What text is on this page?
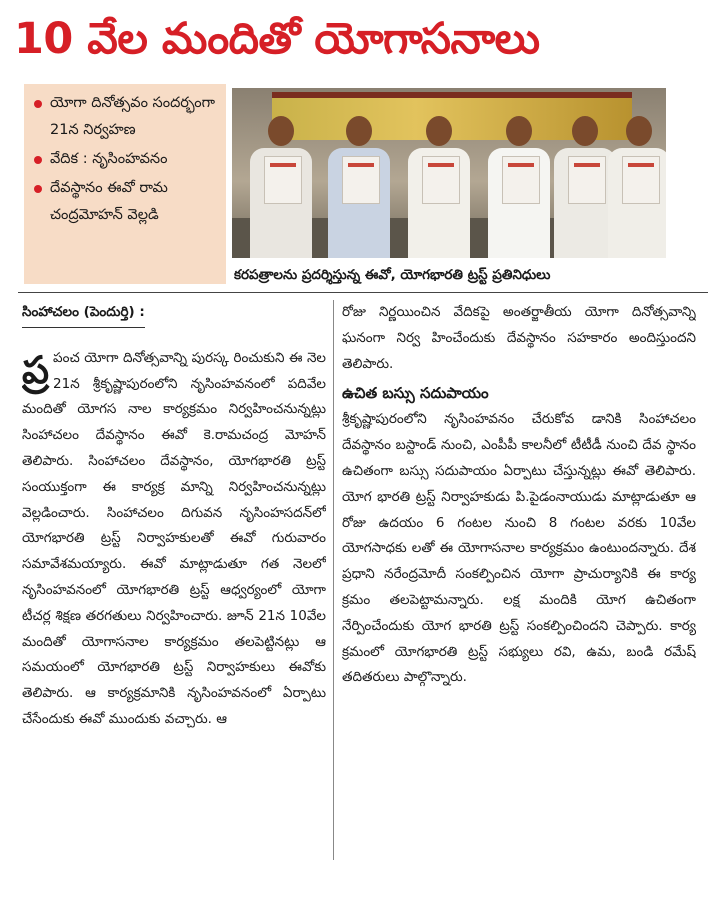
10 వేల మందితో యోగాసనాలు
యోగా దినోత్సవం సందర్భంగా 21న నిర్వహణ
వేదిక : నృసింహవనం
దేవస్థానం ఈవో రామ చంద్రమోహన్ వెల్లడి
కరపత్రాలను ప్రదర్శిస్తున్న ఈవో, యోగభారతి ట్రస్ట్ ప్రతినిధులు
సింహాచలం (పెందుర్తి) :

ప్ర పంచ యోగా దినోత్సవాన్ని పురస్క రించుకుని ఈ నెల 21న శ్రీకృష్ణాపురంలోని నృసింహవనంలో పదివేల మందితో యోగస నాల కార్యక్రమం నిర్వహించనున్నట్లు సింహాచలం దేవస్థానం ఈవో కె.రామచంద్ర మోహన్ తెలిపారు. సింహాచలం దేవస్థానం, యోగభారతి ట్రస్ట్ సంయుక్తంగా ఈ కార్యక్ర మాన్ని నిర్వహించనున్నట్లు వెల్లడించారు. సింహాచలం దిగువన నృసింహసదన్‌లో యోగభారతి ట్రస్ట్ నిర్వాహకులతో ఈవో గురువారం సమావేశమయ్యారు. ఈవో మాట్లాడుతూ గత నెలలో నృసింహవనంలో యోగభారతి ట్రస్ట్ ఆధ్వర్యంలో యోగా టీచర్ల శిక్షణ తరగతులు నిర్వహించారు. జూన్ 21న 10వేల మందితో యోగాసనాల కార్యక్రమం తలపెట్టినట్లు ఆ సమయంలో యోగభారతి ట్రస్ట్ నిర్వాహకులు ఈవోకు తెలిపారు. ఆ కార్యక్రమానికి నృసింహవనంలో ఏర్పాటు చేసేందుకు ఈవో ముందుకు వచ్చారు. ఆ

రోజు నిర్ణయించిన వేదికపై అంతర్జాతీయ యోగా దినోత్సవాన్ని ఘనంగా నిర్వ హించేందుకు దేవస్థానం సహకారం అందిస్తుందని తెలిపారు.

ఉచిత బస్సు సదుపాయం

శ్రీకృష్ణాపురంలోని నృసింహవనం చేరుకోవ డానికి సింహాచలం దేవస్థానం బస్టాండ్ నుంచి, ఎంపీపీ కాలనీలో టీటీడీ నుంచి దేవ స్థానం ఉచితంగా బస్సు సదుపాయం ఏర్పాటు చేస్తున్నట్లు ఈవో తెలిపారు. యోగ భారతి ట్రస్ట్ నిర్వాహకుడు పి.పైడంనాయుడు మాట్లాడుతూ ఆ రోజు ఉదయం 6 గంటల నుంచి 8 గంటల వరకు 10వేల యోగసాధకు లతో ఈ యోగాసనాల కార్యక్రమం ఉంటుందన్నారు. దేశ ప్రధాని నరేంద్రమోదీ సంకల్పించిన యోగా ప్రాచుర్యానికి ఈ కార్య క్రమం తలపెట్టామన్నారు. లక్ష మందికి యోగ ఉచితంగా నేర్పించేందుకు యోగ భారతి ట్రస్ట్ సంకల్పించిందని చెప్పారు. కార్య క్రమంలో యోగభారతి ట్రస్ట్ సభ్యులు రవి, ఉమ, బండి రమేష్ తదితరులు పాల్గొన్నారు.
